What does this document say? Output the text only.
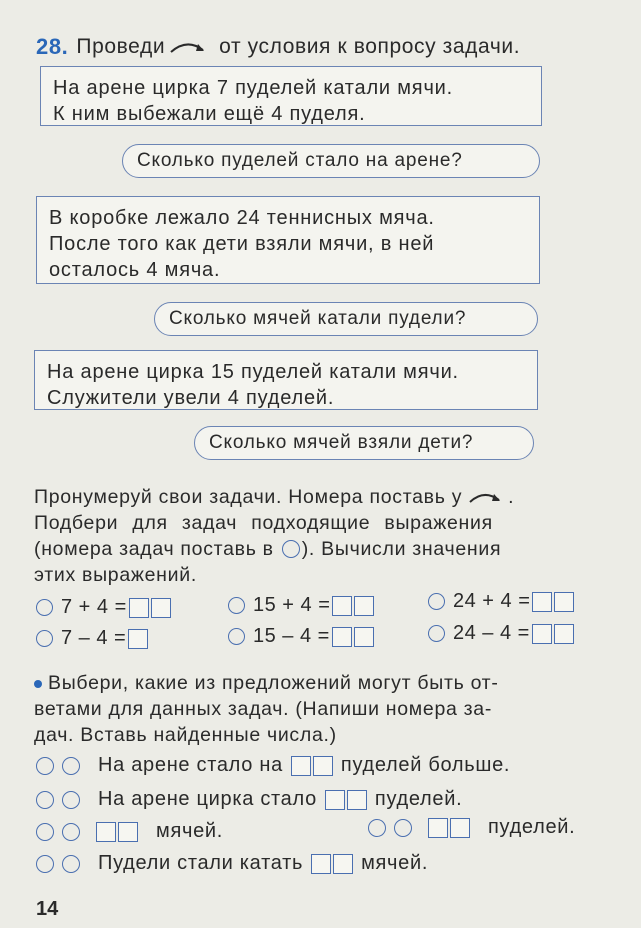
28. Проведи	от условия к вопросу задачи.
На арене цирка 7 пуделей катали мячи.
К ним выбежали ещё 4 пуделя.
Сколько пуделей стало на арене?
В коробке лежало 24 теннисных мяча.
После того как дети взяли мячи, в ней
осталось 4 мяча.
Сколько мячей катали пудели?
На арене цирка 15 пуделей катали мячи.
Служители увели 4 пуделей.
Сколько мячей взяли дети?
Пронумеруй свои задачи. Номера поставь у .
Подбери для задач подходящие выражения
(номера задач поставь в ). Вычисли значения
этих выражений.
7 + 4 =	15 + 4 =	24 + 4 =
7 – 4 =	15 – 4 =	24 – 4 =
Выбери, какие из предложений могут быть от-
ветами для данных задач. (Напиши номера за-
дач. Вставь найденные числа.)
На арене стало на	пуделей больше.
На арене цирка стало	пуделей.
мячей.	пуделей.
Пудели стали катать	мячей.
14
